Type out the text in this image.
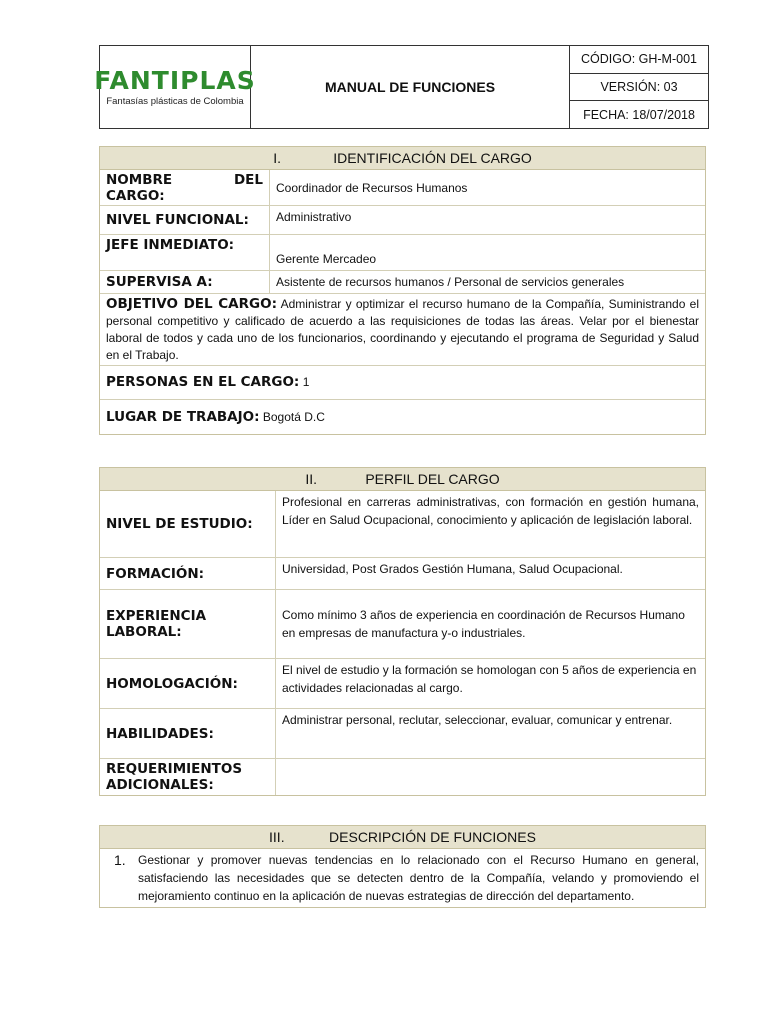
FANTIPLAS
Fantasías plásticas de Colombia
MANUAL DE FUNCIONES
CÓDIGO: GH-M-001
VERSIÓN: 03
FECHA: 18/07/2018
I.	IDENTIFICACIÓN DEL CARGO
NOMBRE DEL CARGO:	Coordinador de Recursos Humanos
NIVEL FUNCIONAL:	Administrativo
JEFE INMEDIATO:
Gerente Mercadeo
SUPERVISA A:	Asistente de recursos humanos / Personal de servicios generales
OBJETIVO DEL CARGO: Administrar y optimizar el recurso humano de la Compañía, Suministrando el personal competitivo y calificado de acuerdo a las requisiciones de todas las áreas. Velar por el bienestar laboral de todos y cada uno de los funcionarios, coordinando y ejecutando el programa de Seguridad y Salud en el Trabajo.
PERSONAS EN EL CARGO: 1
LUGAR DE TRABAJO: Bogotá D.C
II.	PERFIL DEL CARGO
NIVEL DE ESTUDIO:
Profesional en carreras administrativas, con formación en gestión humana, Líder en Salud Ocupacional, conocimiento y aplicación de legislación laboral.
FORMACIÓN:	Universidad, Post Grados Gestión Humana, Salud Ocupacional.
EXPERIENCIA LABORAL:
Como mínimo 3 años de experiencia en coordinación de Recursos Humano en empresas de manufactura y-o industriales.
HOMOLOGACIÓN:
El nivel de estudio y la formación se homologan con 5 años de experiencia en actividades relacionadas al cargo.
HABILIDADES:
Administrar personal, reclutar, seleccionar, evaluar, comunicar y entrenar.
REQUERIMIENTOS ADICIONALES:
III.	DESCRIPCIÓN DE FUNCIONES
1.	Gestionar y promover nuevas tendencias en lo relacionado con el Recurso Humano en general, satisfaciendo las necesidades que se detecten dentro de la Compañía, velando y promoviendo el mejoramiento continuo en la aplicación de nuevas estrategias de dirección del departamento.
